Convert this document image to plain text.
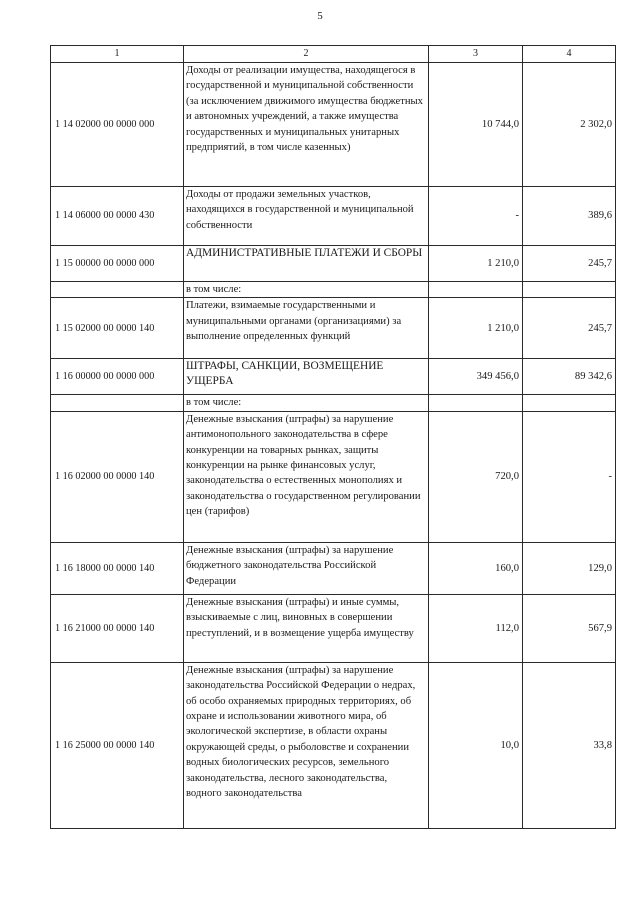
5
1	2	3	4
1 14 02000 00 0000 000	Доходы от реализации имущества, находящегося в государственной и муниципальной собственности (за исключением движимого имущества бюджетных и автономных учреждений, а также имущества государственных и муниципальных унитарных предприятий, в том числе казенных)	10 744,0	2 302,0
1 14 06000 00 0000 430	Доходы от продажи земельных участков, находящихся в государственной и муниципальной собственности	-	389,6
1 15 00000 00 0000 000	АДМИНИСТРАТИВНЫЕ ПЛАТЕЖИ И СБОРЫ	1 210,0	245,7
	в том числе:		
1 15 02000 00 0000 140	Платежи, взимаемые государственными и муниципальными органами (организациями) за выполнение определенных функций	1 210,0	245,7
1 16 00000 00 0000 000	ШТРАФЫ, САНКЦИИ, ВОЗМЕЩЕНИЕ УЩЕРБА	349 456,0	89 342,6
	в том числе:		
1 16 02000 00 0000 140	Денежные взыскания (штрафы) за нарушение антимонопольного законодательства в сфере конкуренции на товарных рынках, защиты конкуренции на рынке финансовых услуг, законодательства о естественных монополиях и законодательства о государственном регулировании цен (тарифов)	720,0	-
1 16 18000 00 0000 140	Денежные взыскания (штрафы) за нарушение бюджетного законодательства Российской Федерации	160,0	129,0
1 16 21000 00 0000 140	Денежные взыскания (штрафы) и иные суммы, взыскиваемые с лиц, виновных в совершении преступлений, и в возмещение ущерба имуществу	112,0	567,9
1 16 25000 00 0000 140	Денежные взыскания (штрафы) за нарушение законодательства Российской Федерации о недрах, об особо охраняемых природных территориях, об охране и использовании животного мира, об экологической экспертизе, в области охраны окружающей среды, о рыболовстве и сохранении водных биологических ресурсов, земельного законодательства, лесного законодательства, водного законодательства	10,0	33,8
